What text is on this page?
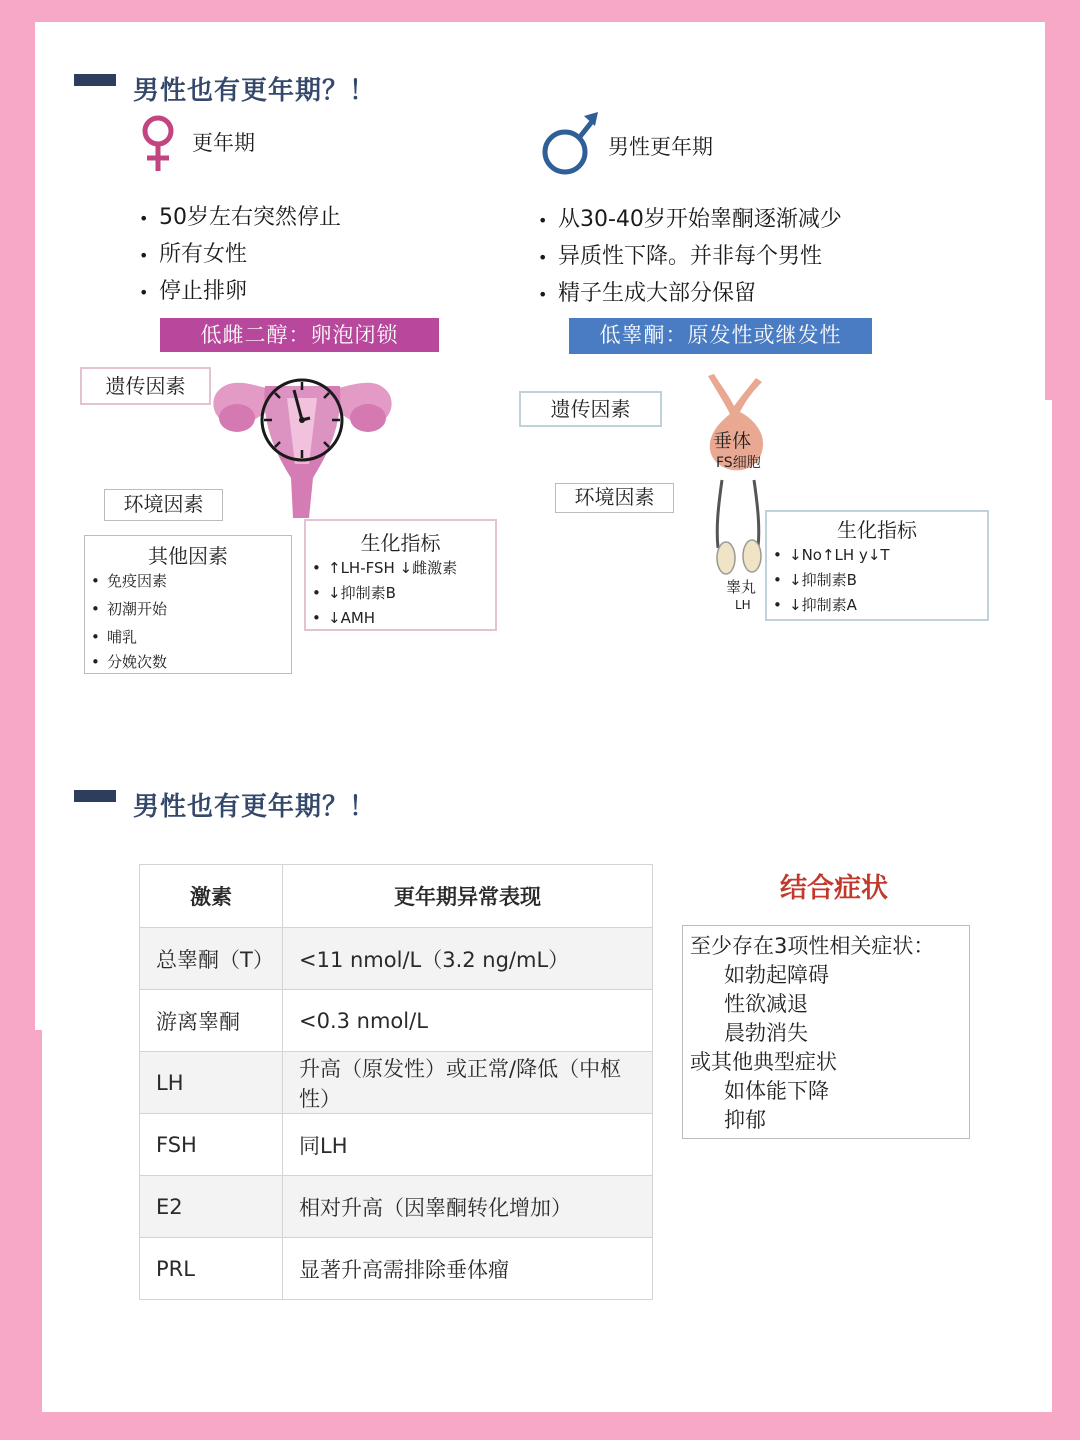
男性也有更年期？！
更年期	男性更年期
• 50岁左右突然停止
• 所有女性
• 停止排卵
• 从30-40岁开始睾酮逐渐减少
• 异质性下降。并非每个男性
• 精子生成大部分保留
低雌二醇：卵泡闭锁	低睾酮：原发性或继发性
遗传因素
环境因素
其他因素
• 免疫因素
• 初潮开始
• 哺乳
• 分娩次数
生化指标
• ↑LH-FSH ↓雌激素
• ↓抑制素B
• ↓AMH
遗传因素
垂体
FS细胞
环境因素
睾丸
LH
生化指标
• ↓No↑LH y↓T
• ↓抑制素B
• ↓抑制素A
男性也有更年期？！
激素	更年期异常表现
总睾酮（T）	<11 nmol/L（3.2 ng/mL）
游离睾酮	<0.3 nmol/L
LH	升高（原发性）或正常/降低（中枢性）
FSH	同LH
E2	相对升高（因睾酮转化增加）
PRL	显著升高需排除垂体瘤
结合症状
至少存在3项性相关症状：
如勃起障碍
性欲减退
晨勃消失
或其他典型症状
如体能下降
抑郁
